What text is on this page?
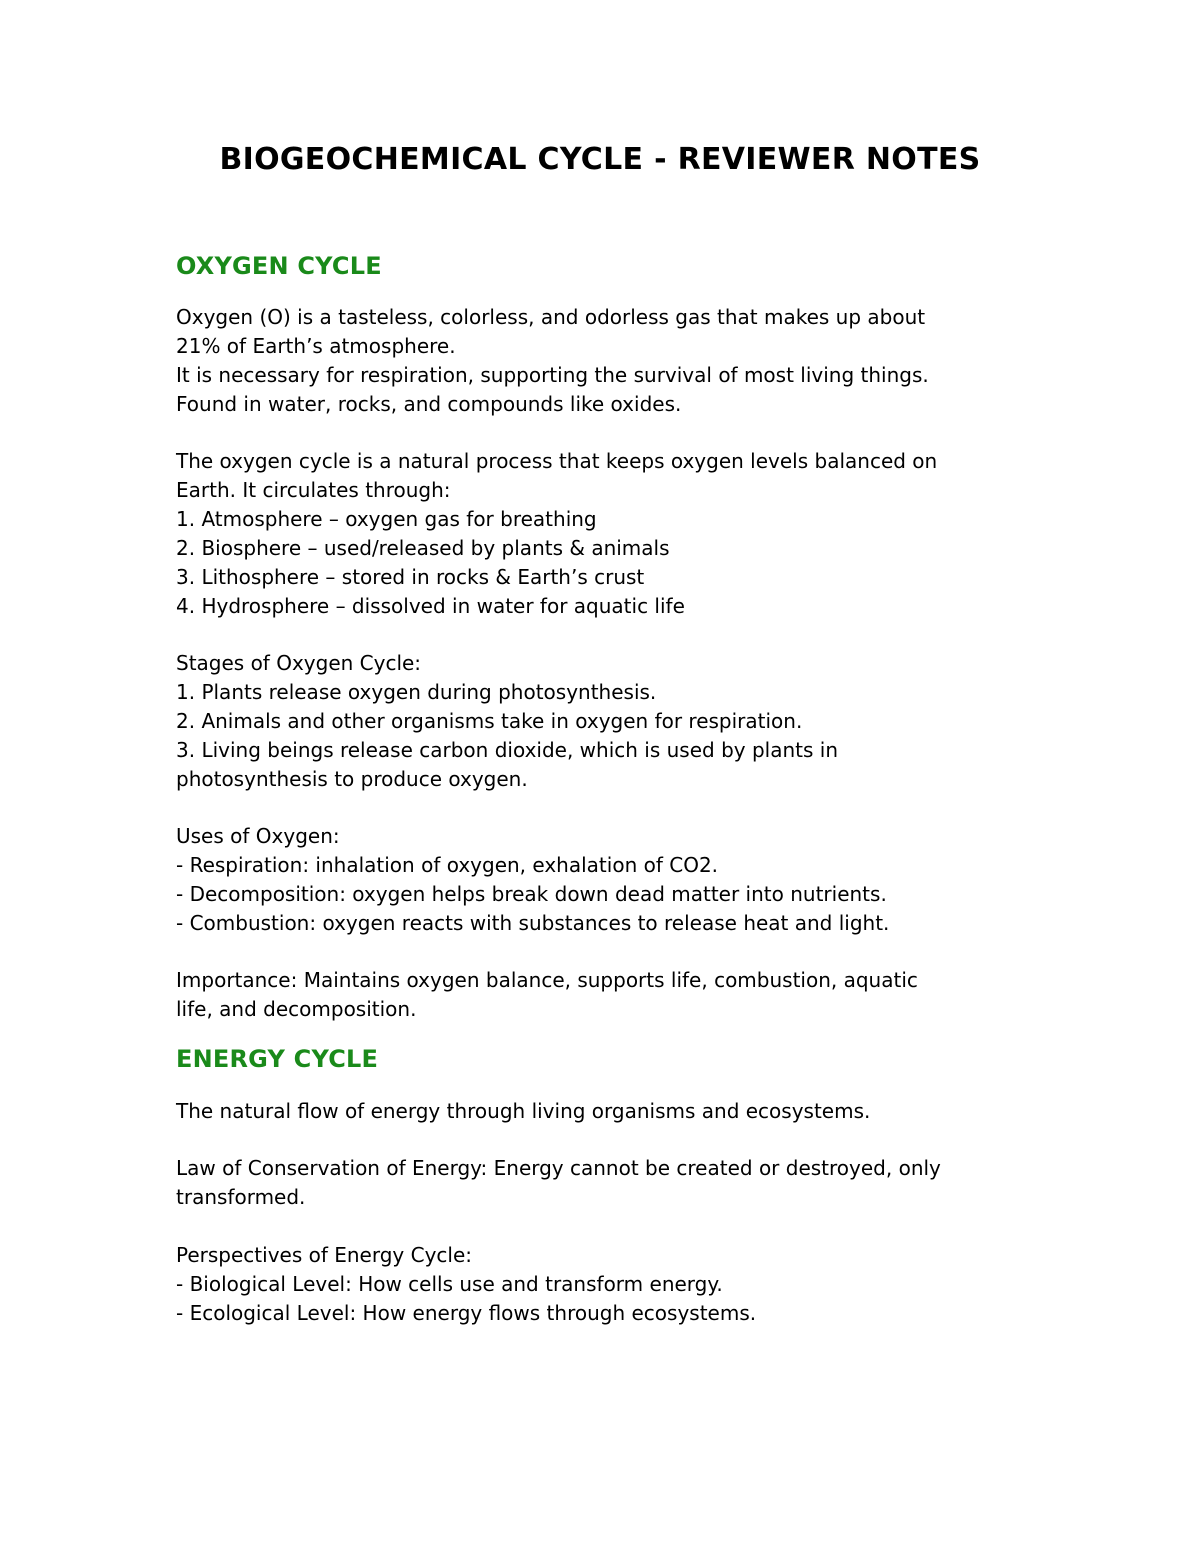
BIOGEOCHEMICAL CYCLE - REVIEWER NOTES
OXYGEN CYCLE

Oxygen (O) is a tasteless, colorless, and odorless gas that makes up about
21% of Earth’s atmosphere.
It is necessary for respiration, supporting the survival of most living things.
Found in water, rocks, and compounds like oxides.

The oxygen cycle is a natural process that keeps oxygen levels balanced on
Earth. It circulates through:
1. Atmosphere – oxygen gas for breathing
2. Biosphere – used/released by plants & animals
3. Lithosphere – stored in rocks & Earth’s crust
4. Hydrosphere – dissolved in water for aquatic life

Stages of Oxygen Cycle:
1. Plants release oxygen during photosynthesis.
2. Animals and other organisms take in oxygen for respiration.
3. Living beings release carbon dioxide, which is used by plants in
photosynthesis to produce oxygen.

Uses of Oxygen:
- Respiration: inhalation of oxygen, exhalation of CO2.
- Decomposition: oxygen helps break down dead matter into nutrients.
- Combustion: oxygen reacts with substances to release heat and light.

Importance: Maintains oxygen balance, supports life, combustion, aquatic
life, and decomposition.

ENERGY CYCLE

The natural flow of energy through living organisms and ecosystems.

Law of Conservation of Energy: Energy cannot be created or destroyed, only
transformed.

Perspectives of Energy Cycle:
- Biological Level: How cells use and transform energy.
- Ecological Level: How energy flows through ecosystems.
